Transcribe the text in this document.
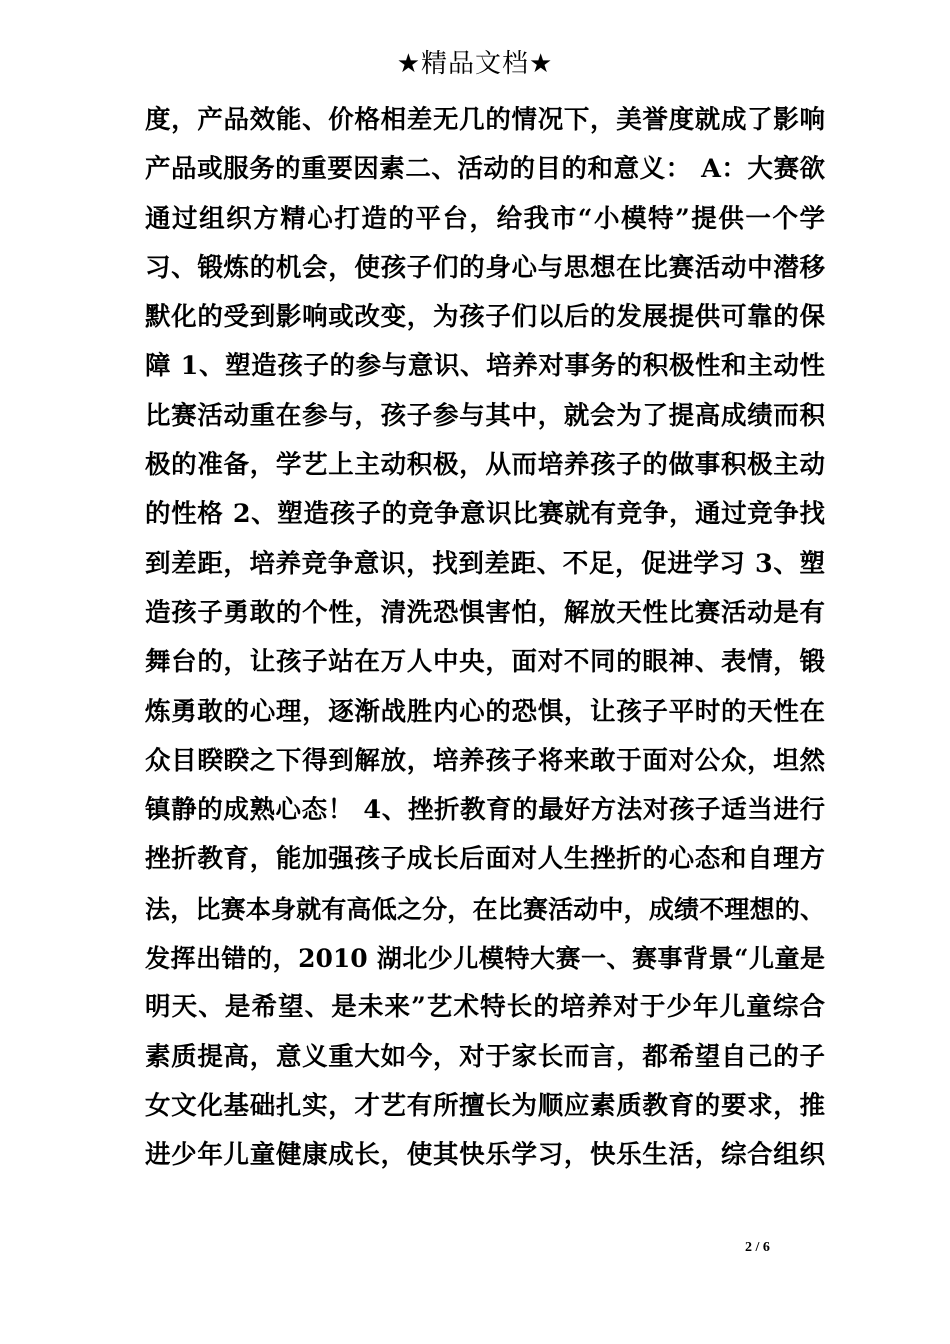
★精品文档★
度，产品效能、价格相差无几的情况下，美誉度就成了影响
产品或服务的重要因素二、活动的目的和意义： A：大赛欲
通过组织方精心打造的平台，给我市“小模特”提供一个学
习、锻炼的机会，使孩子们的身心与思想在比赛活动中潜移
默化的受到影响或改变，为孩子们以后的发展提供可靠的保
障 1、塑造孩子的参与意识、培养对事务的积极性和主动性
比赛活动重在参与，孩子参与其中，就会为了提高成绩而积
极的准备，学艺上主动积极，从而培养孩子的做事积极主动
的性格 2、塑造孩子的竞争意识比赛就有竞争，通过竞争找
到差距，培养竞争意识，找到差距、不足，促进学习 3、塑
造孩子勇敢的个性，清洗恐惧害怕，解放天性比赛活动是有
舞台的，让孩子站在万人中央，面对不同的眼神、表情，锻
炼勇敢的心理，逐渐战胜内心的恐惧，让孩子平时的天性在
众目睽睽之下得到解放，培养孩子将来敢于面对公众，坦然
镇静的成熟心态！ 4、挫折教育的最好方法对孩子适当进行
挫折教育，能加强孩子成长后面对人生挫折的心态和自理方
法，比赛本身就有高低之分，在比赛活动中，成绩不理想的、
发挥出错的，2010 湖北少儿模特大赛一、赛事背景“儿童是
明天、是希望、是未来”艺术特长的培养对于少年儿童综合
素质提高，意义重大如今，对于家长而言，都希望自己的子
女文化基础扎实，才艺有所擅长为顺应素质教育的要求，推
进少年儿童健康成长，使其快乐学习，快乐生活，综合组织
2 / 6
